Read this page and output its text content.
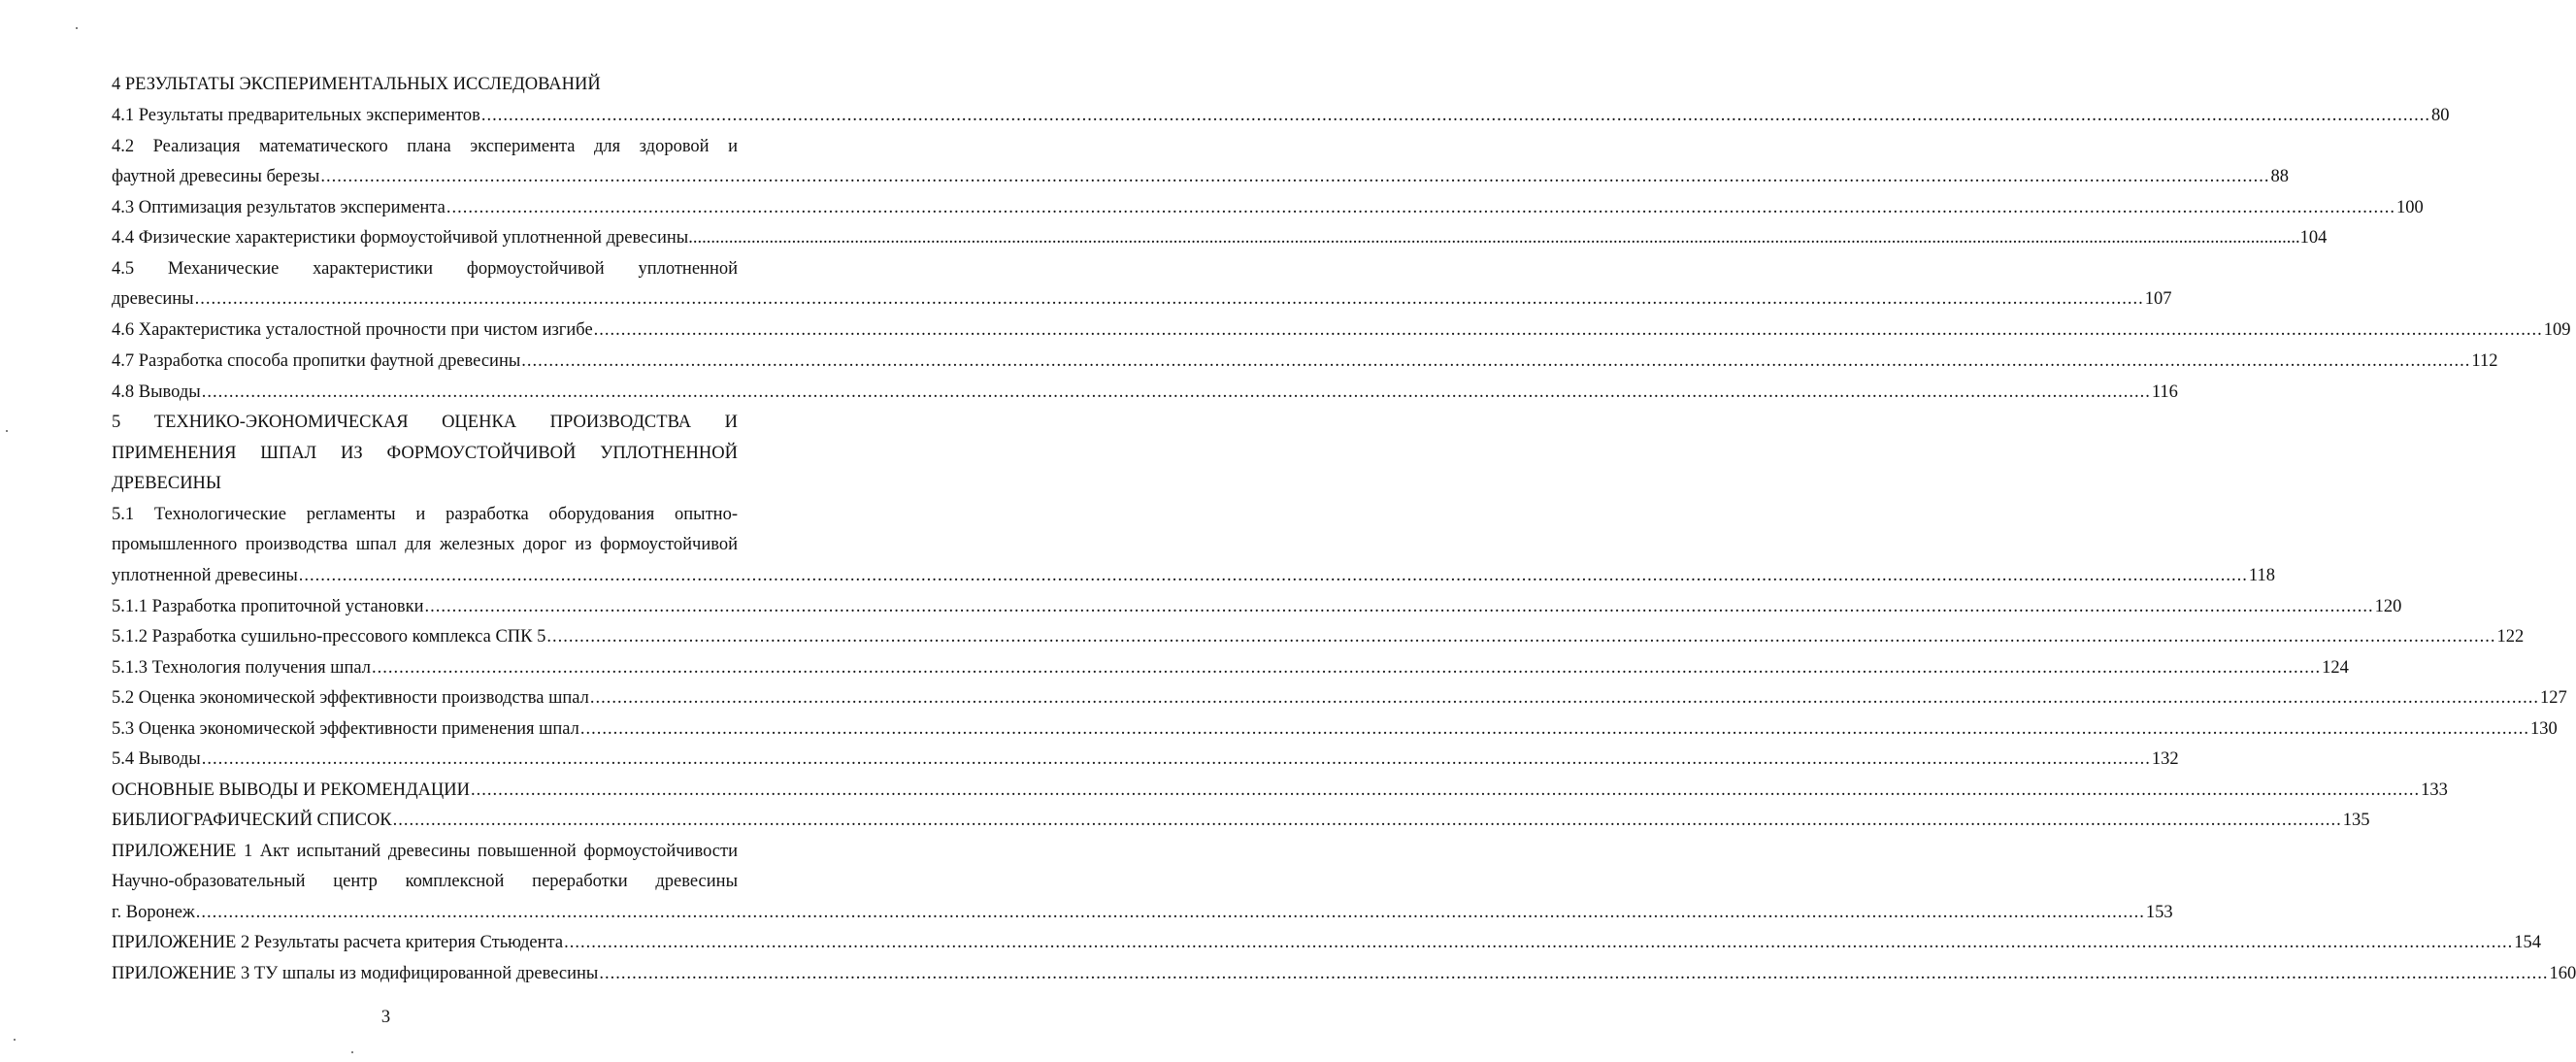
4 РЕЗУЛЬТАТЫ ЭКСПЕРИМЕНТАЛЬНЫХ ИССЛЕДОВАНИЙ
4.1 Результаты предварительных экспериментов .....	80
4.2 Реализация математического плана эксперимента для здоровой и
фаутной древесины березы .....	88
4.3 Оптимизация результатов эксперимента .....	100
4.4 Физические характеристики формоустойчивой уплотненной древесины	..... .. 104
4.5 Механические характеристики формоустойчивой уплотненной
древесины .....	107
4.6 Характеристика усталостной прочности при чистом изгибе .....	109
4.7 Разработка способа пропитки фаутной древесины .....	112
4.8 Выводы .....	116
5 ТЕХНИКО-ЭКОНОМИЧЕСКАЯ ОЦЕНКА ПРОИЗВОДСТВА И
ПРИМЕНЕНИЯ ШПАЛ ИЗ ФОРМОУСТОЙЧИВОЙ УПЛОТНЕННОЙ
ДРЕВЕСИНЫ
5.1 Технологические регламенты и разработка оборудования опытно-
промышленного производства шпал для железных дорог из формоустойчивой
уплотненной древесины .....	118
5.1.1 Разработка пропиточной установки .....	120
5.1.2 Разработка сушильно-прессового комплекса СПК 5 .....	122
5.1.3 Технология получения шпал .....	124
5.2 Оценка экономической эффективности производства шпал .....	127
5.3 Оценка экономической эффективности применения шпал .....	130
5.4 Выводы .....	132
ОСНОВНЫЕ ВЫВОДЫ И РЕКОМЕНДАЦИИ .....	133
БИБЛИОГРАФИЧЕСКИЙ СПИСОК .....	135
ПРИЛОЖЕНИЕ 1 Акт испытаний древесины повышенной формоустойчивости
Научно-образовательный центр комплексной переработки древесины
г. Воронеж .....	153
ПРИЛОЖЕНИЕ 2 Результаты расчета критерия Стьюдента .....	154
ПРИЛОЖЕНИЕ 3 ТУ шпалы из модифицированной древесины .....	160
3
